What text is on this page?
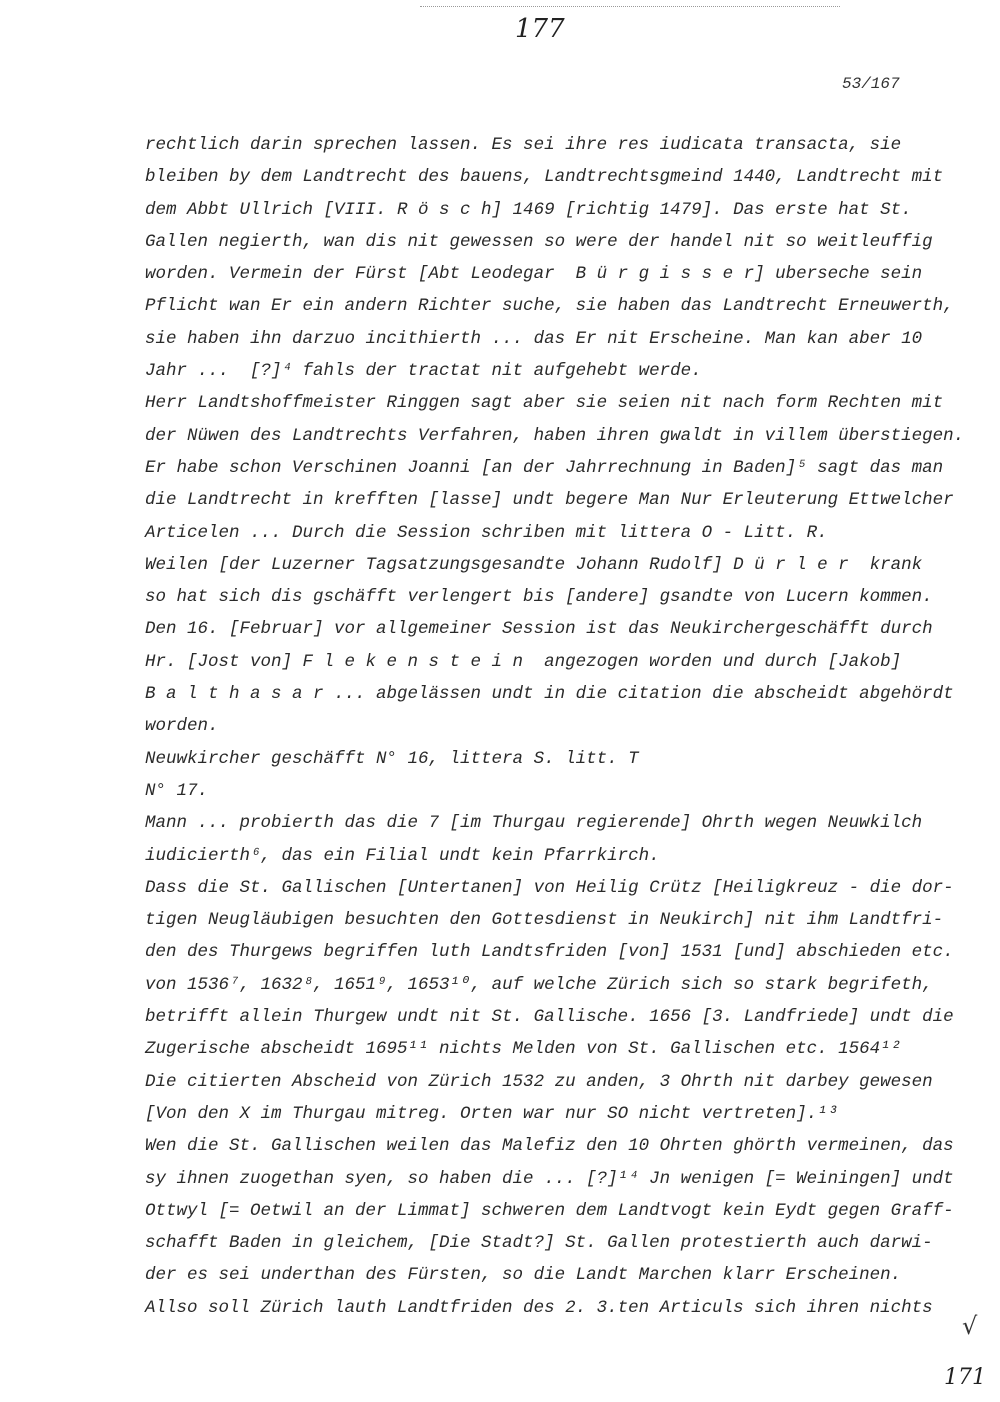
177
53/167
rechtlich darin sprechen lassen. Es sei ihre res iudicata transacta, sie
bleiben by dem Landtrecht des bauens, Landtrechtsgmeind 1440, Landtrecht mit
dem Abbt Ullrich [VIII. R ö s c h] 1469 [richtig 1479]. Das erste hat St.
Gallen negierth, wan dis nit gewessen so were der handel nit so weitleuffig
worden. Vermein der Fürst [Abt Leodegar  B ü r g i s s e r] uberseche sein
Pflicht wan Er ein andern Richter suche, sie haben das Landtrecht Erneuwerth,
sie haben ihn darzuo incithierth ... das Er nit Erscheine. Man kan aber 10
Jahr ...  [?]⁴ fahls der tractat nit aufgehebt werde.
Herr Landtshoffmeister Ringgen sagt aber sie seien nit nach form Rechten mit
der Nüwen des Landtrechts Verfahren, haben ihren gwaldt in villem überstiegen.
Er habe schon Verschinen Joanni [an der Jahrrechnung in Baden]⁵ sagt das man
die Landtrecht in krefften [lasse] undt begere Man Nur Erleuterung Ettwelcher
Articelen ... Durch die Session schriben mit littera O - Litt. R.
Weilen [der Luzerner Tagsatzungsgesandte Johann Rudolf] D ü r l e r  krank
so hat sich dis gschäfft verlengert bis [andere] gsandte von Lucern kommen.
Den 16. [Februar] vor allgemeiner Session ist das Neukirchergeschäfft durch
Hr. [Jost von] F l e k e n s t e i n  angezogen worden und durch [Jakob]
B a l t h a s a r ... abgelässen undt in die citation die abscheidt abgehördt
worden.
Neuwkircher geschäfft N° 16, littera S. litt. T
N° 17.
Mann ... probierth das die 7 [im Thurgau regierende] Ohrth wegen Neuwkilch
iudicierth⁶, das ein Filial undt kein Pfarrkirch.
Dass die St. Gallischen [Untertanen] von Heilig Crütz [Heiligkreuz - die dor-
tigen Neugläubigen besuchten den Gottesdienst in Neukirch] nit ihm Landtfri-
den des Thurgews begriffen luth Landtsfriden [von] 1531 [und] abschieden etc.
von 1536⁷, 1632⁸, 1651⁹, 1653¹⁰, auf welche Zürich sich so stark begrifeth,
betrifft allein Thurgew undt nit St. Gallische. 1656 [3. Landfriede] undt die
Zugerische abscheidt 1695¹¹ nichts Melden von St. Gallischen etc. 1564¹²
Die citierten Abscheid von Zürich 1532 zu anden, 3 Ohrth nit darbey gewesen
[Von den X im Thurgau mitreg. Orten war nur SO nicht vertreten].¹³
Wen die St. Gallischen weilen das Malefiz den 10 Ohrten ghörth vermeinen, das
sy ihnen zuogethan syen, so haben die ... [?]¹⁴ Jn wenigen [= Weiningen] undt
Ottwyl [= Oetwil an der Limmat] schweren dem Landtvogt kein Eydt gegen Graff-
schafft Baden in gleichem, [Die Stadt?] St. Gallen protestierth auch darwi-
der es sei underthan des Fürsten, so die Landt Marchen klarr Erscheinen.
Allso soll Zürich lauth Landtfriden des 2. 3.ten Articuls sich ihren nichts
√
171
